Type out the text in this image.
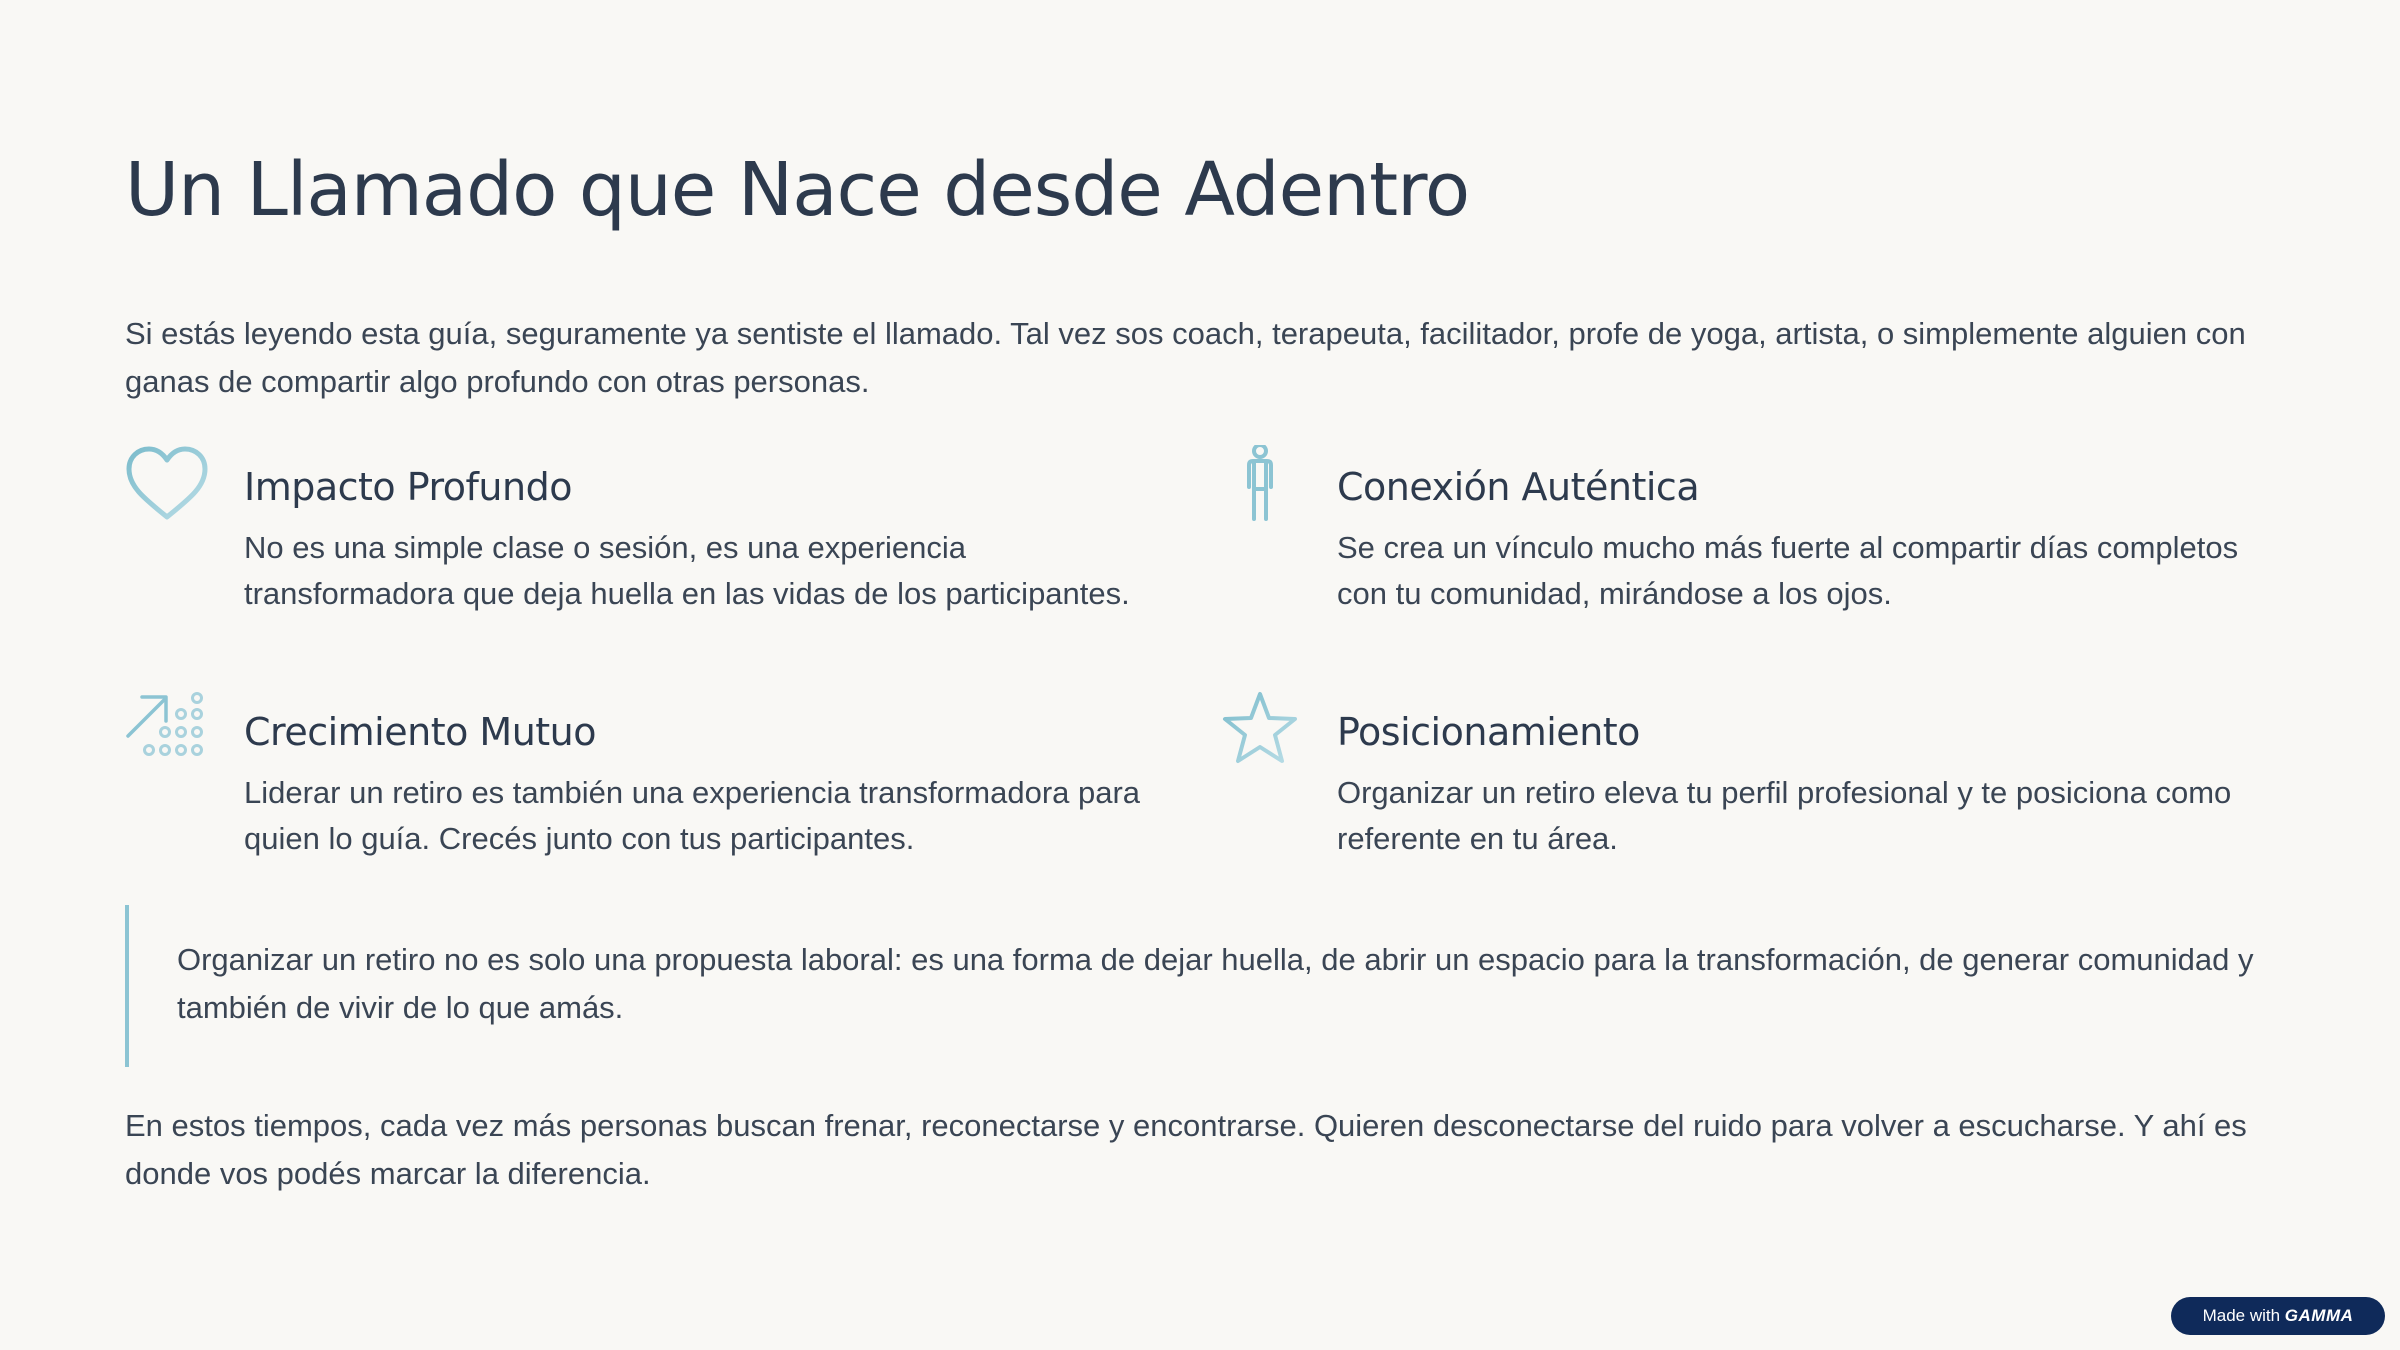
Un Llamado que Nace desde Adentro

Si estás leyendo esta guía, seguramente ya sentiste el llamado. Tal vez sos coach, terapeuta, facilitador, profe de yoga, artista, o simplemente alguien con ganas de compartir algo profundo con otras personas.

Impacto Profundo

No es una simple clase o sesión, es una experiencia transformadora que deja huella en las vidas de los participantes.

Conexión Auténtica

Se crea un vínculo mucho más fuerte al compartir días completos con tu comunidad, mirándose a los ojos.

Crecimiento Mutuo

Liderar un retiro es también una experiencia transformadora para quien lo guía. Crecés junto con tus participantes.

Posicionamiento

Organizar un retiro eleva tu perfil profesional y te posiciona como referente en tu área.

Organizar un retiro no es solo una propuesta laboral: es una forma de dejar huella, de abrir un espacio para la transformación, de generar comunidad y también de vivir de lo que amás.

En estos tiempos, cada vez más personas buscan frenar, reconectarse y encontrarse. Quieren desconectarse del ruido para volver a escucharse. Y ahí es donde vos podés marcar la diferencia.

Made with GAMMA
